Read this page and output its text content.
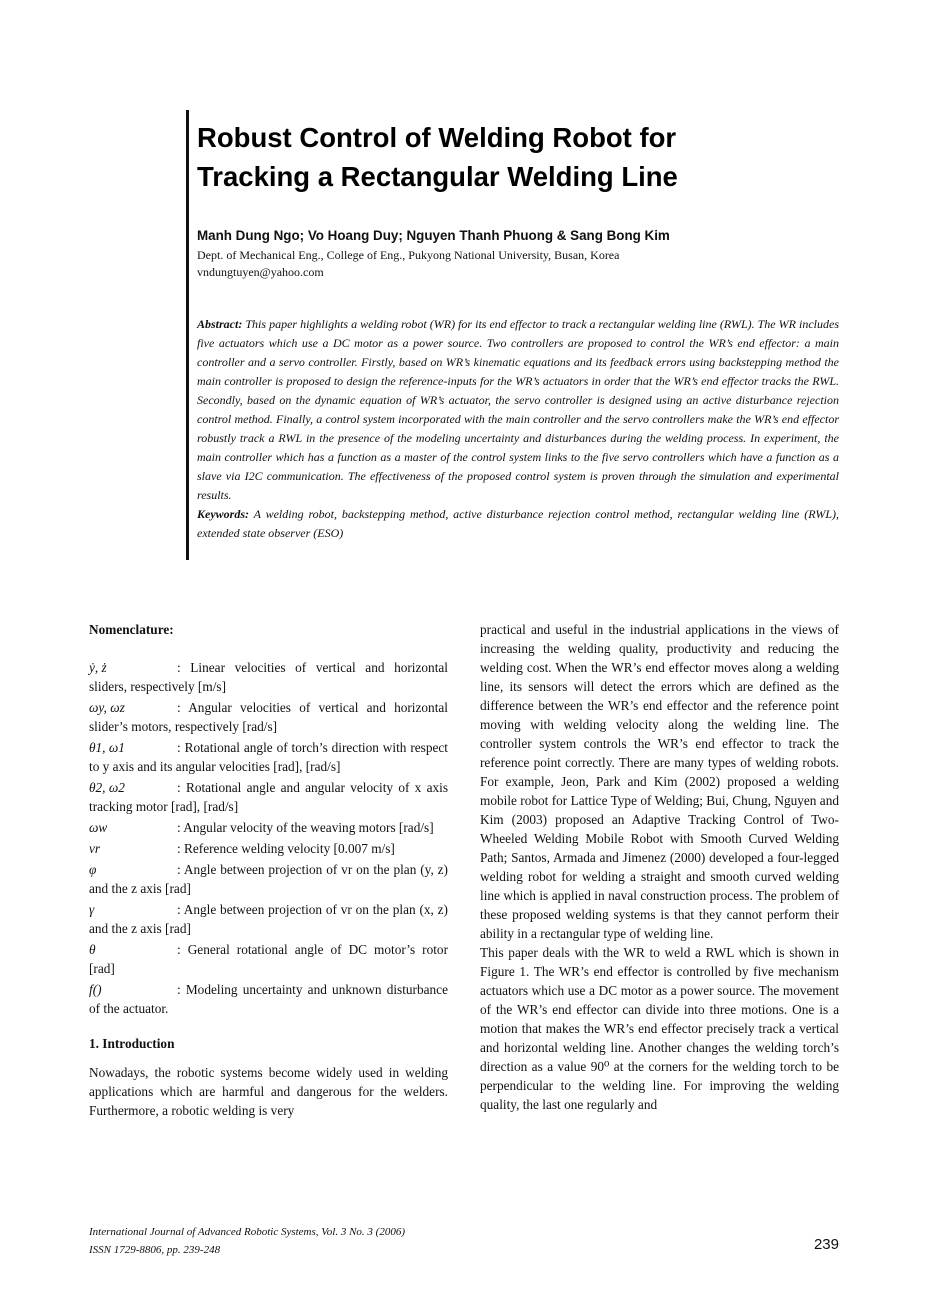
Robust Control of Welding Robot for
Tracking a Rectangular Welding Line
Manh Dung Ngo; Vo Hoang Duy; Nguyen Thanh Phuong & Sang Bong Kim
Dept. of Mechanical Eng., College of Eng., Pukyong National University, Busan, Korea
vndungtuyen@yahoo.com

Abstract: This paper highlights a welding robot (WR) for its end effector to track a rectangular welding line (RWL). The WR includes five actuators which use a DC motor as a power source. Two controllers are proposed to control the WR’s end effector: a main controller and a servo controller. Firstly, based on WR’s kinematic equations and its feedback errors using backstepping method the main controller is proposed to design the reference-inputs for the WR’s actuators in order that the WR’s end effector tracks the RWL. Secondly, based on the dynamic equation of WR’s actuator, the servo controller is designed using an active disturbance rejection control method. Finally, a control system incorporated with the main controller and the servo controllers make the WR’s end effector robustly track a RWL in the presence of the modeling uncertainty and disturbances during the welding process. In experiment, the main controller which has a function as a master of the control system links to the five servo controllers which have a function as a slave via I2C communication. The effectiveness of the proposed control system is proven through the simulation and experimental results.

Keywords: A welding robot, backstepping method, active disturbance rejection control method, rectangular welding line (RWL), extended state observer (ESO)

Nomenclature:
ẏ, ż	: Linear velocities of vertical and horizontal sliders, respectively [m/s]
ωy, ωz	: Angular velocities of vertical and horizontal slider’s motors, respectively [rad/s]
θ1, ω1	: Rotational angle of torch’s direction with respect to y axis and its angular velocities [rad], [rad/s]
θ2, ω2	: Rotational angle and angular velocity of x axis tracking motor [rad], [rad/s]
ωw	: Angular velocity of the weaving motors [rad/s]
vr	: Reference welding velocity [0.007 m/s]
φ	: Angle between projection of vr on the plan (y, z) and the z axis [rad]
γ	: Angle between projection of vr on the plan (x, z) and the z axis [rad]
θ	: General rotational angle of DC motor’s rotor [rad]
f()	: Modeling uncertainty and unknown disturbance of the actuator.
1. Introduction

Nowadays, the robotic systems become widely used in welding applications which are harmful and dangerous for the welders. Furthermore, a robotic welding is very

practical and useful in the industrial applications in the views of increasing the welding quality, productivity and reducing the welding cost. When the WR’s end effector moves along a welding line, its sensors will detect the errors which are defined as the difference between the WR’s end effector and the reference point moving with welding velocity along the welding line. The controller system controls the WR’s end effector to track the reference point correctly. There are many types of welding robots. For example, Jeon, Park and Kim (2002) proposed a welding mobile robot for Lattice Type of Welding; Bui, Chung, Nguyen and Kim (2003) proposed an Adaptive Tracking Control of Two-Wheeled Welding Mobile Robot with Smooth Curved Welding Path; Santos, Armada and Jimenez (2000) developed a four-legged welding robot for welding a straight and smooth curved welding line which is applied in naval construction process. The problem of these proposed welding systems is that they cannot perform their ability in a rectangular type of welding line.

This paper deals with the WR to weld a RWL which is shown in Figure 1. The WR’s end effector is controlled by five mechanism actuators which use a DC motor as a power source. The movement of the WR’s end effector can divide into three motions. One is a motion that makes the WR’s end effector precisely track a vertical and horizontal welding line. Another changes the welding torch’s direction as a value 90⁰ at the corners for the welding torch to be perpendicular to the welding line. For improving the welding quality, the last one regularly and

International Journal of Advanced Robotic Systems, Vol. 3 No. 3 (2006)
ISSN 1729-8806, pp. 239-248	239
